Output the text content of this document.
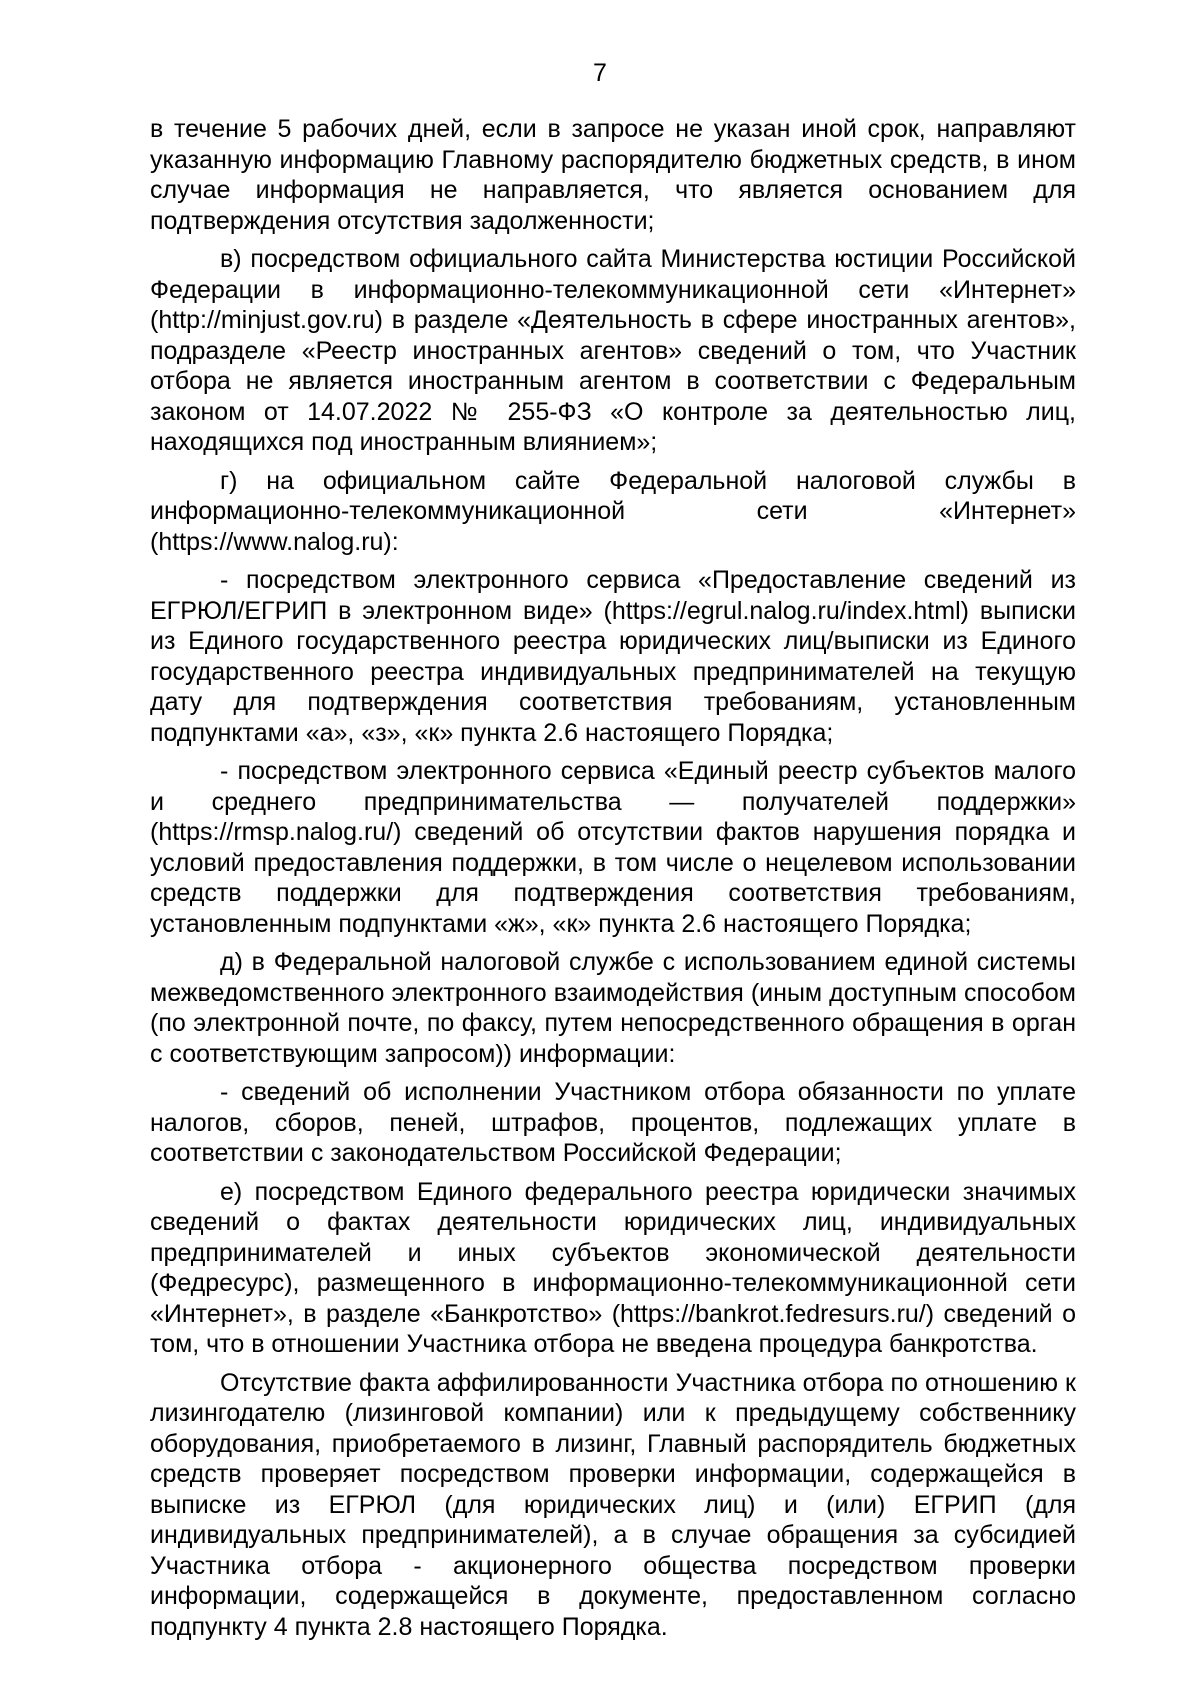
7

в течение 5 рабочих дней, если в запросе не указан иной срок, направляют указанную информацию Главному распорядителю бюджетных средств, в ином случае информация не направляется, что является основанием для подтверждения отсутствия задолженности;

в) посредством официального сайта Министерства юстиции Российской Федерации в информационно-телекоммуникационной сети «Интернет» (http://minjust.gov.ru) в разделе «Деятельность в сфере иностранных агентов», подразделе «Реестр иностранных агентов» сведений о том, что Участник отбора не является иностранным агентом в соответствии с Федеральным законом от 14.07.2022 № 255-ФЗ «О контроле за деятельностью лиц, находящихся под иностранным влиянием»;

г) на официальном сайте Федеральной налоговой службы в информационно-телекоммуникационной сети «Интернет» (https://www.nalog.ru):

- посредством электронного сервиса «Предоставление сведений из ЕГРЮЛ/ЕГРИП в электронном виде» (https://egrul.nalog.ru/index.html) выписки из Единого государственного реестра юридических лиц/выписки из Единого государственного реестра индивидуальных предпринимателей на текущую дату для подтверждения соответствия требованиям, установленным подпунктами «а», «з», «к» пункта 2.6 настоящего Порядка;

- посредством электронного сервиса «Единый реестр субъектов малого и среднего предпринимательства — получателей поддержки» (https://rmsp.nalog.ru/) сведений об отсутствии фактов нарушения порядка и условий предоставления поддержки, в том числе о нецелевом использовании средств поддержки для подтверждения соответствия требованиям, установленным подпунктами «ж», «к» пункта 2.6 настоящего Порядка;

д) в Федеральной налоговой службе с использованием единой системы межведомственного электронного взаимодействия (иным доступным способом (по электронной почте, по факсу, путем непосредственного обращения в орган с соответствующим запросом)) информации:

- сведений об исполнении Участником отбора обязанности по уплате налогов, сборов, пеней, штрафов, процентов, подлежащих уплате в соответствии с законодательством Российской Федерации;

е) посредством Единого федерального реестра юридически значимых сведений о фактах деятельности юридических лиц, индивидуальных предпринимателей и иных субъектов экономической деятельности (Федресурс), размещенного в информационно-телекоммуникационной сети «Интернет», в разделе «Банкротство» (https://bankrot.fedresurs.ru/) сведений о том, что в отношении Участника отбора не введена процедура банкротства.

Отсутствие факта аффилированности Участника отбора по отношению к лизингодателю (лизинговой компании) или к предыдущему собственнику оборудования, приобретаемого в лизинг, Главный распорядитель бюджетных средств проверяет посредством проверки информации, содержащейся в выписке из ЕГРЮЛ (для юридических лиц) и (или) ЕГРИП (для индивидуальных предпринимателей), а в случае обращения за субсидией Участника отбора - акционерного общества посредством проверки информации, содержащейся в документе, предоставленном согласно подпункту 4 пункта 2.8 настоящего Порядка.
